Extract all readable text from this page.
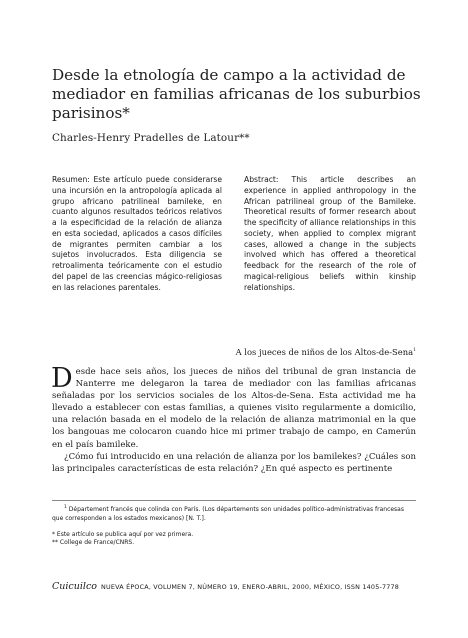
Desde la etnología de campo a la actividad de mediador en familias africanas de los suburbios parisinos*
Charles-Henry Pradelles de Latour**
Resumen: Este artículo puede considerarse una incursión en la antropología aplicada al grupo africano patrilineal bamileke, en cuanto algunos resultados teóricos relativos a la especificidad de la relación de alianza en esta sociedad, aplicados a casos difíciles de migrantes permiten cambiar a los sujetos involucrados. Esta diligencia se retroalimenta teóricamente con el estudio del papel de las creencias mágico-religiosas en las relaciones parentales.
Abstract: This article describes an experience in applied anthropology in the African patrilineal group of the Bamileke. Theoretical results of former research about the specificity of alliance relationships in this society, when applied to complex migrant cases, allowed a change in the subjects involved which has offered a theoretical feedback for the research of the role of magical-religious beliefs within kinship relationships.
A los jueces de niños de los Altos-de-Sena$^1$

Desde hace seis años, los jueces de niños del tribunal de gran instancia de Nanterre me delegaron la tarea de mediador con las familias africanas señaladas por los servicios sociales de los Altos-de-Sena. Esta actividad me ha llevado a establecer con estas familias, a quienes visito regularmente a domicilio, una relación basada en el modelo de la relación de alianza matrimonial en la que los bangouas me colocaron cuando hice mi primer trabajo de campo, en Camerún en el país bamileke.

¿Cómo fui introducido en una relación de alianza por los bamilekes? ¿Cuáles son las principales características de esta relación? ¿En qué aspecto es pertinente

$^1$ Département francés que colinda con París. (Los départements son unidades político-administrativas francesas que corresponden a los estados mexicanos) [N. T.].
* Este artículo se publica aquí por vez primera.
** College de France/CNRS.
Cuicuilco NUEVA ÉPOCA, VOLUMEN 7, NÚMERO 19, ENERO-ABRIL, 2000, MÉXICO, ISSN 1405-7778
